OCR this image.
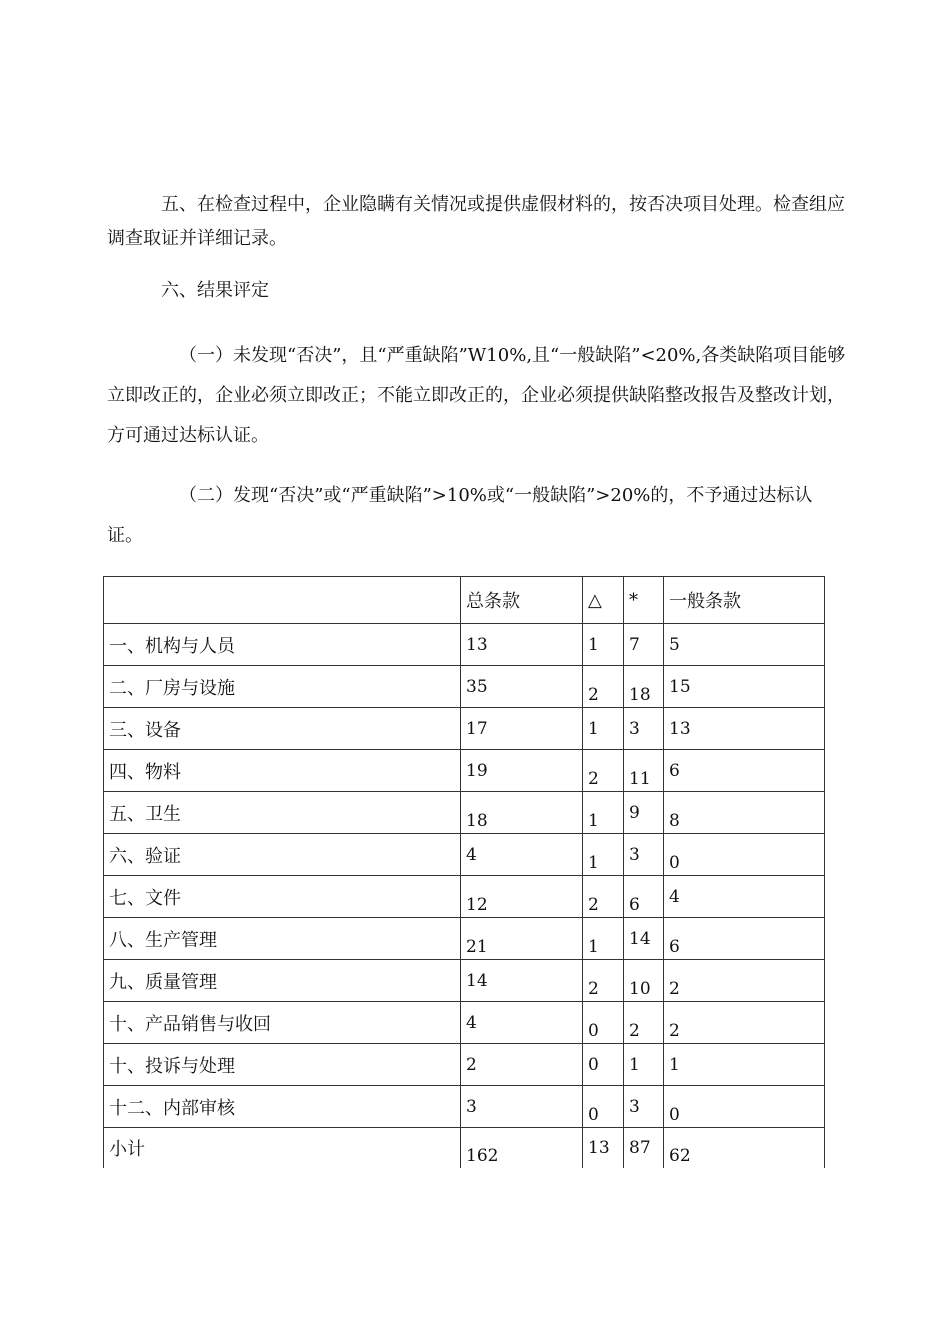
五、在检查过程中，企业隐瞒有关情况或提供虚假材料的，按否决项目处理。检查组应调查取证并详细记录。

六、结果评定

（一）未发现“否决”，且“严重缺陷”W10%,且“一般缺陷”<20%,各类缺陷项目能够立即改正的，企业必须立即改正；不能立即改正的，企业必须提供缺陷整改报告及整改计划，方可通过达标认证。

（二）发现“否决”或“严重缺陷”>10%或“一般缺陷”>20%的，不予通过达标认证。

	总条款	△	*	一般条款
一、机构与人员	13	1	7	5
二、厂房与设施	35	2	18	15
三、设备	17	1	3	13
四、物料	19	2	11	6
五、卫生	18	1	9	8
六、验证	4	1	3	0
七、文件	12	2	6	4
八、生产管理	21	1	14	6
九、质量管理	14	2	10	2
十、产品销售与收回	4	0	2	2
十、投诉与处理	2	0	1	1
十二、内部审核	3	0	3	0
小计	162	13	87	62
